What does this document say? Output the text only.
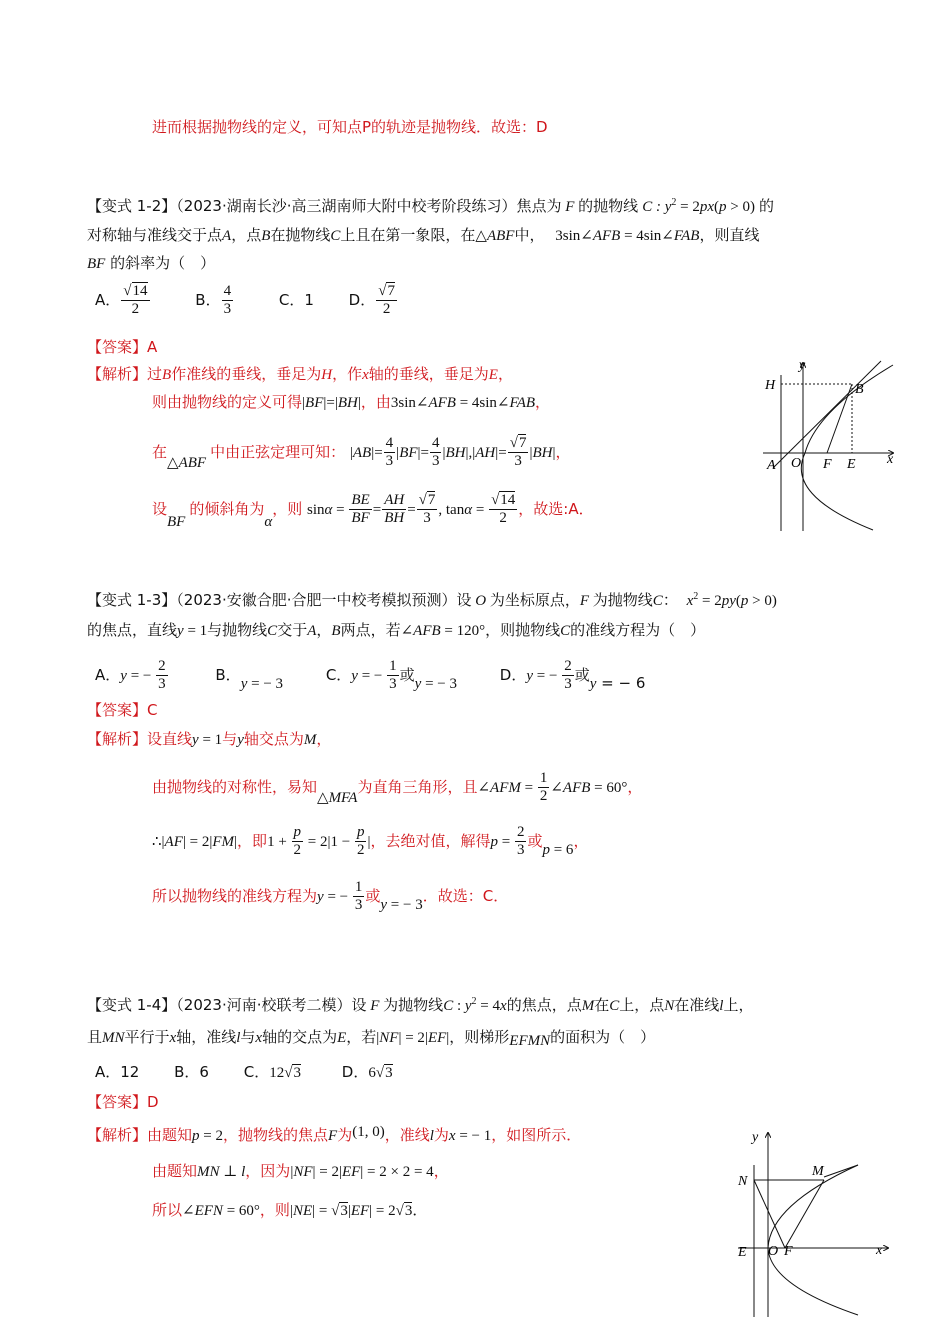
进而根据抛物线的定义，可知点P的轨迹是抛物线．故选：D
【变式 1-2】（2023·湖南长沙·高三湖南师大附中校考阶段练习）焦点为 F 的抛物线 C : $y^2 = 2px(p > 0)$ 的
对称轴与准线交于点A，点B在抛物线C上且在第一象限，在△ABF中， 3sin∠AFB = 4sin∠FAB，则直线
BF 的斜率为（　）
A． $\frac{√14}{2}$	B． $\frac{4}{3}$	C．1 D． $\frac{√7}{2}$
【答案】A
【解析】过B作准线的垂线，垂足为H，作x轴的垂线，垂足为E，
则由抛物线的定义可得|BF|=|BH|，由3sin∠AFB = 4sin∠FAB，
在△ABF中由正弦定理可知： $|AB|= \frac{4}{3} |BF|= \frac{4}{3} |BH|,|AH|= \frac{√7}{3} |BH|$，
设BF的倾斜角为α，则 $\sin\alpha = \frac{BE}{BF} = \frac{AH}{BH} = \frac{√7}{3}$ , $\tan\alpha = \frac{√14}{2}$ ，故选:A．
y
H	B
A O F E x
【变式 1-3】（2023·安徽合肥·合肥一中校考模拟预测）设 O 为坐标原点，F 为抛物线C： $x^2 = 2py(p > 0)$
的焦点，直线y = 1与抛物线C交于A，B两点，若∠AFB = 120°，则抛物线C的准线方程为（　）
A．y = − $\frac{2}{3}$	B．y = − 3	C．y = − $\frac{1}{3}$ 或y = − 3	D．y = − $\frac{2}{3}$ 或y = − 6
【答案】C
【解析】设直线y = 1与y轴交点为M，
由抛物线的对称性，易知△MFA为直角三角形，且∠AFM = $\frac{1}{2}$ ∠AFB = 60°，
∴|AF| = 2|FM|，即$1 + \frac{p}{2} = 2|1 - \frac{p}{2}$ |，去绝对值，解得$p = \frac{2}{3}$ 或p = 6，
所以抛物线的准线方程为y = − $\frac{1}{3}$ 或y = − 3．故选：C．
【变式 1-4】（2023·河南·校联考二模）设 F 为抛物线C : $y^2 = 4x$的焦点，点M在C上，点N在准线l上，
且MN平行于x轴，准线l与x轴的交点为E，若|NF| = 2|EF|，则梯形EFMN的面积为（　）
A．12 B．6 C．12√3	D．6√3
【答案】D
【解析】由题知p = 2，抛物线的焦点F为(1, 0)，准线l为x = − 1，如图所示．
由题知MN ⊥ l，因为|NF| = 2|EF| = 2 × 2 = 4，
所以∠EFN = 60°，则|NE| = √3|EF| = 2√3．
y
M
N
E O F	x
